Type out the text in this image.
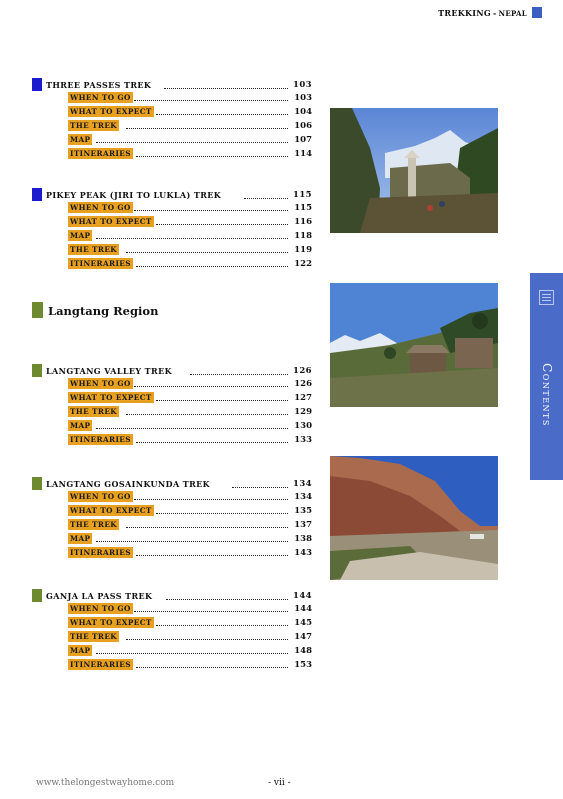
TREKKING - NEPAL
THREE PASSES TREK	103
WHEN TO GO	103
WHAT TO EXPECT	104
THE TREK	106
MAP	107
ITINERARIES	114
PIKEY PEAK (JIRI TO LUKLA) TREK	115
WHEN TO GO	115
WHAT TO EXPECT	116
MAP	118
THE TREK	119
ITINERARIES	122
Langtang Region
LANGTANG VALLEY TREK	126
WHEN TO GO	126
WHAT TO EXPECT	127
THE TREK	129
MAP	130
ITINERARIES	133
LANGTANG GOSAINKUNDA TREK	134
WHEN TO GO	134
WHAT TO EXPECT	135
THE TREK	137
MAP	138
ITINERARIES	143
GANJA LA PASS TREK	144
WHEN TO GO	144
WHAT TO EXPECT	145
THE TREK	147
MAP	148
ITINERARIES	153
Contents
www.thelongestwayhome.com	- vii -
